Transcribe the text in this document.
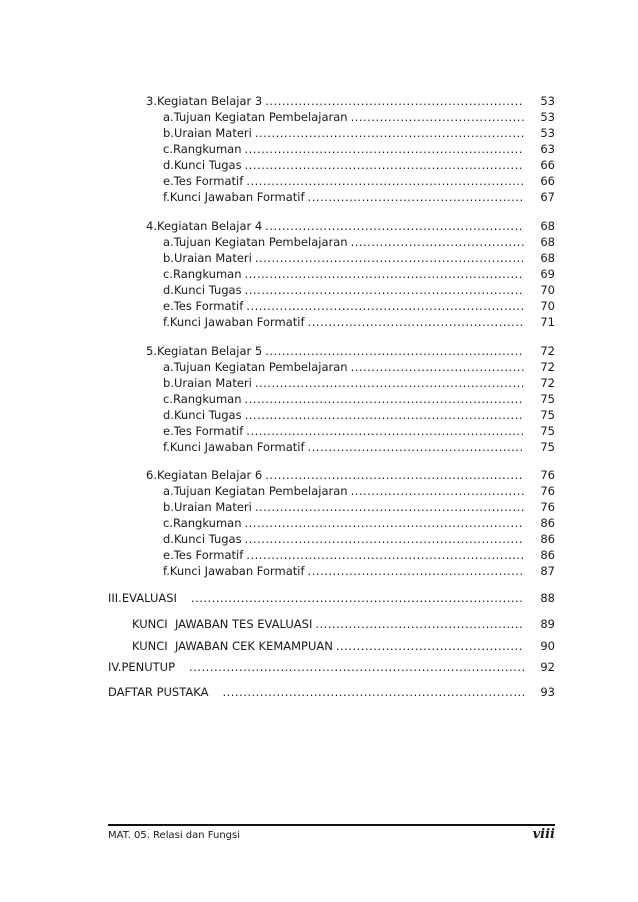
3. Kegiatan Belajar 3 .....	53
a. Tujuan Kegiatan Pembelajaran .....	53
b. Uraian Materi .....	53
c. Rangkuman .....	63
d. Kunci Tugas .....	66
e. Tes Formatif .....	66
f. Kunci Jawaban Formatif .....	67
4. Kegiatan Belajar 4 .....	68
a. Tujuan Kegiatan Pembelajaran .....	68
b. Uraian Materi .....	68
c. Rangkuman .....	69
d. Kunci Tugas .....	70
e. Tes Formatif .....	70
f. Kunci Jawaban Formatif .....	71
5. Kegiatan Belajar 5 .....	72
a. Tujuan Kegiatan Pembelajaran .....	72
b. Uraian Materi .....	72
c. Rangkuman .....	75
d. Kunci Tugas .....	75
e. Tes Formatif .....	75
f. Kunci Jawaban Formatif .....	75
6. Kegiatan Belajar 6 .....	76
a. Tujuan Kegiatan Pembelajaran .....	76
b. Uraian Materi .....	76
c. Rangkuman .....	86
d. Kunci Tugas .....	86
e. Tes Formatif .....	86
f. Kunci Jawaban Formatif .....	87
III. EVALUASI .....	88
KUNCI  JAWABAN TES EVALUASI .....	89
KUNCI  JAWABAN CEK KEMAMPUAN .....	90
IV. PENUTUP .....	92
DAFTAR PUSTAKA .....	93
MAT. 05. Relasi dan Fungsi	viii
